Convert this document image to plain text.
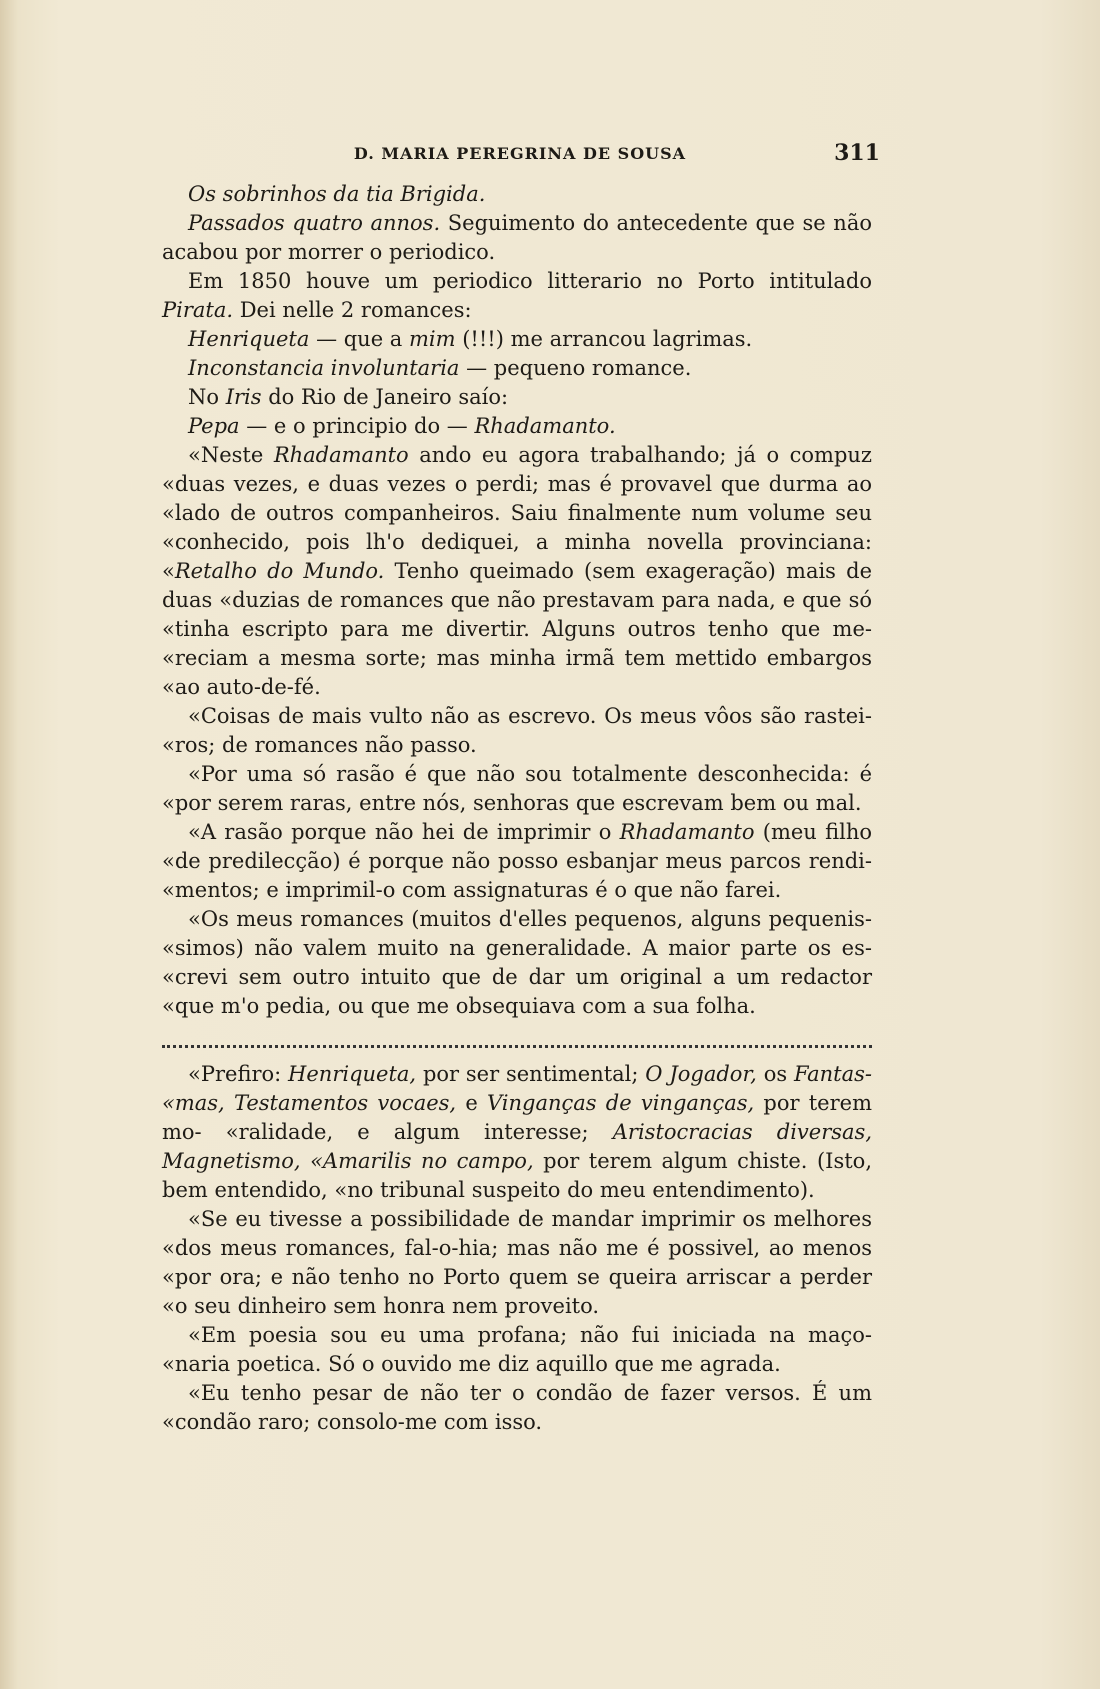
D. MARIA PEREGRINA DE SOUSA	311

Os sobrinhos da tia Brigida.

Passados quatro annos. Seguimento do antecedente que se não acabou por morrer o periodico.

Em 1850 houve um periodico litterario no Porto intitulado Pirata. Dei nelle 2 romances:

Henriqueta — que a mim (!!!) me arrancou lagrimas.

Inconstancia involuntaria — pequeno romance.

No Iris do Rio de Janeiro saío:

Pepa — e o principio do — Rhadamanto.

«Neste Rhadamanto ando eu agora trabalhando; já o compuz «duas vezes, e duas vezes o perdi; mas é provavel que durma ao «lado de outros companheiros. Saiu finalmente num volume seu «conhecido, pois lh'o dediquei, a minha novella provinciana: «Retalho do Mundo. Tenho queimado (sem exageração) mais de duas «duzias de romances que não prestavam para nada, e que só «tinha escripto para me divertir. Alguns outros tenho que me- «reciam a mesma sorte; mas minha irmã tem mettido embargos «ao auto-de-fé.

«Coisas de mais vulto não as escrevo. Os meus vôos são rastei- «ros; de romances não passo.

«Por uma só rasão é que não sou totalmente desconhecida: é «por serem raras, entre nós, senhoras que escrevam bem ou mal.

«A rasão porque não hei de imprimir o Rhadamanto (meu filho «de predilecção) é porque não posso esbanjar meus parcos rendi- «mentos; e imprimil-o com assignaturas é o que não farei.

«Os meus romances (muitos d'elles pequenos, alguns pequenis- «simos) não valem muito na generalidade. A maior parte os es- «crevi sem outro intuito que de dar um original a um redactor «que m'o pedia, ou que me obsequiava com a sua folha.

«Prefiro: Henriqueta, por ser sentimental; O Jogador, os Fantas- «mas, Testamentos vocaes, e Vinganças de vinganças, por terem mo- «ralidade, e algum interesse; Aristocracias diversas, Magnetismo, «Amarilis no campo, por terem algum chiste. (Isto, bem entendido, «no tribunal suspeito do meu entendimento).

«Se eu tivesse a possibilidade de mandar imprimir os melhores «dos meus romances, fal-o-hia; mas não me é possivel, ao menos «por ora; e não tenho no Porto quem se queira arriscar a perder «o seu dinheiro sem honra nem proveito.

«Em poesia sou eu uma profana; não fui iniciada na maço- «naria poetica. Só o ouvido me diz aquillo que me agrada.

«Eu tenho pesar de não ter o condão de fazer versos. É um «condão raro; consolo-me com isso.
